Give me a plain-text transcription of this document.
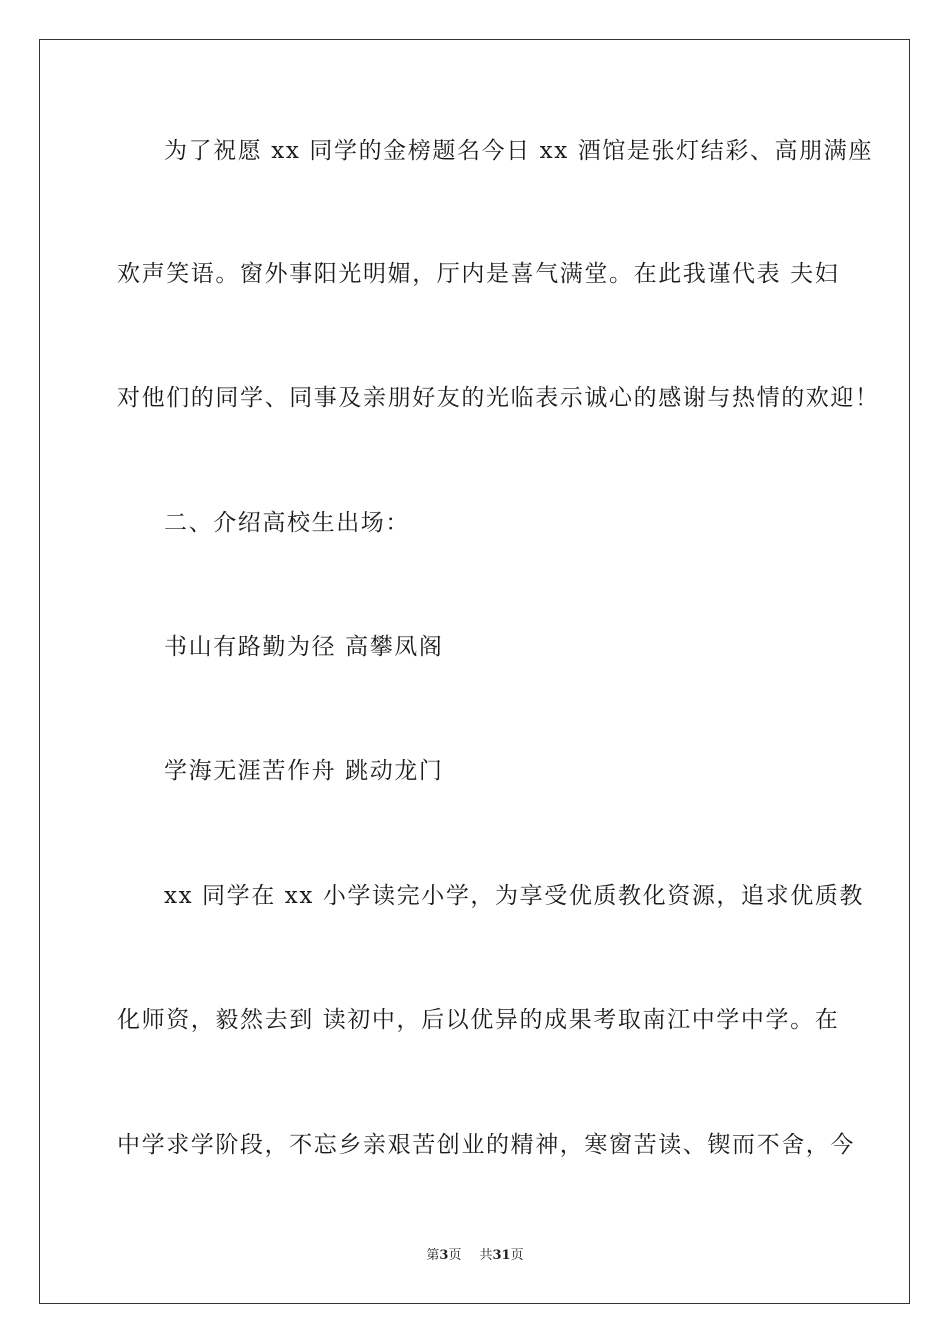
为了祝愿 xx 同学的金榜题名今日 xx 酒馆是张灯结彩、高朋满座
欢声笑语。窗外事阳光明媚，厅内是喜气满堂。在此我谨代表 夫妇
对他们的同学、同事及亲朋好友的光临表示诚心的感谢与热情的欢迎！
二、介绍高校生出场：
书山有路勤为径 高攀凤阁
学海无涯苦作舟 跳动龙门
xx 同学在 xx 小学读完小学，为享受优质教化资源，追求优质教
化师资，毅然去到 读初中，后以优异的成果考取南江中学中学。在
中学求学阶段，不忘乡亲艰苦创业的精神，寒窗苦读、锲而不舍，今
第3页 共31页
